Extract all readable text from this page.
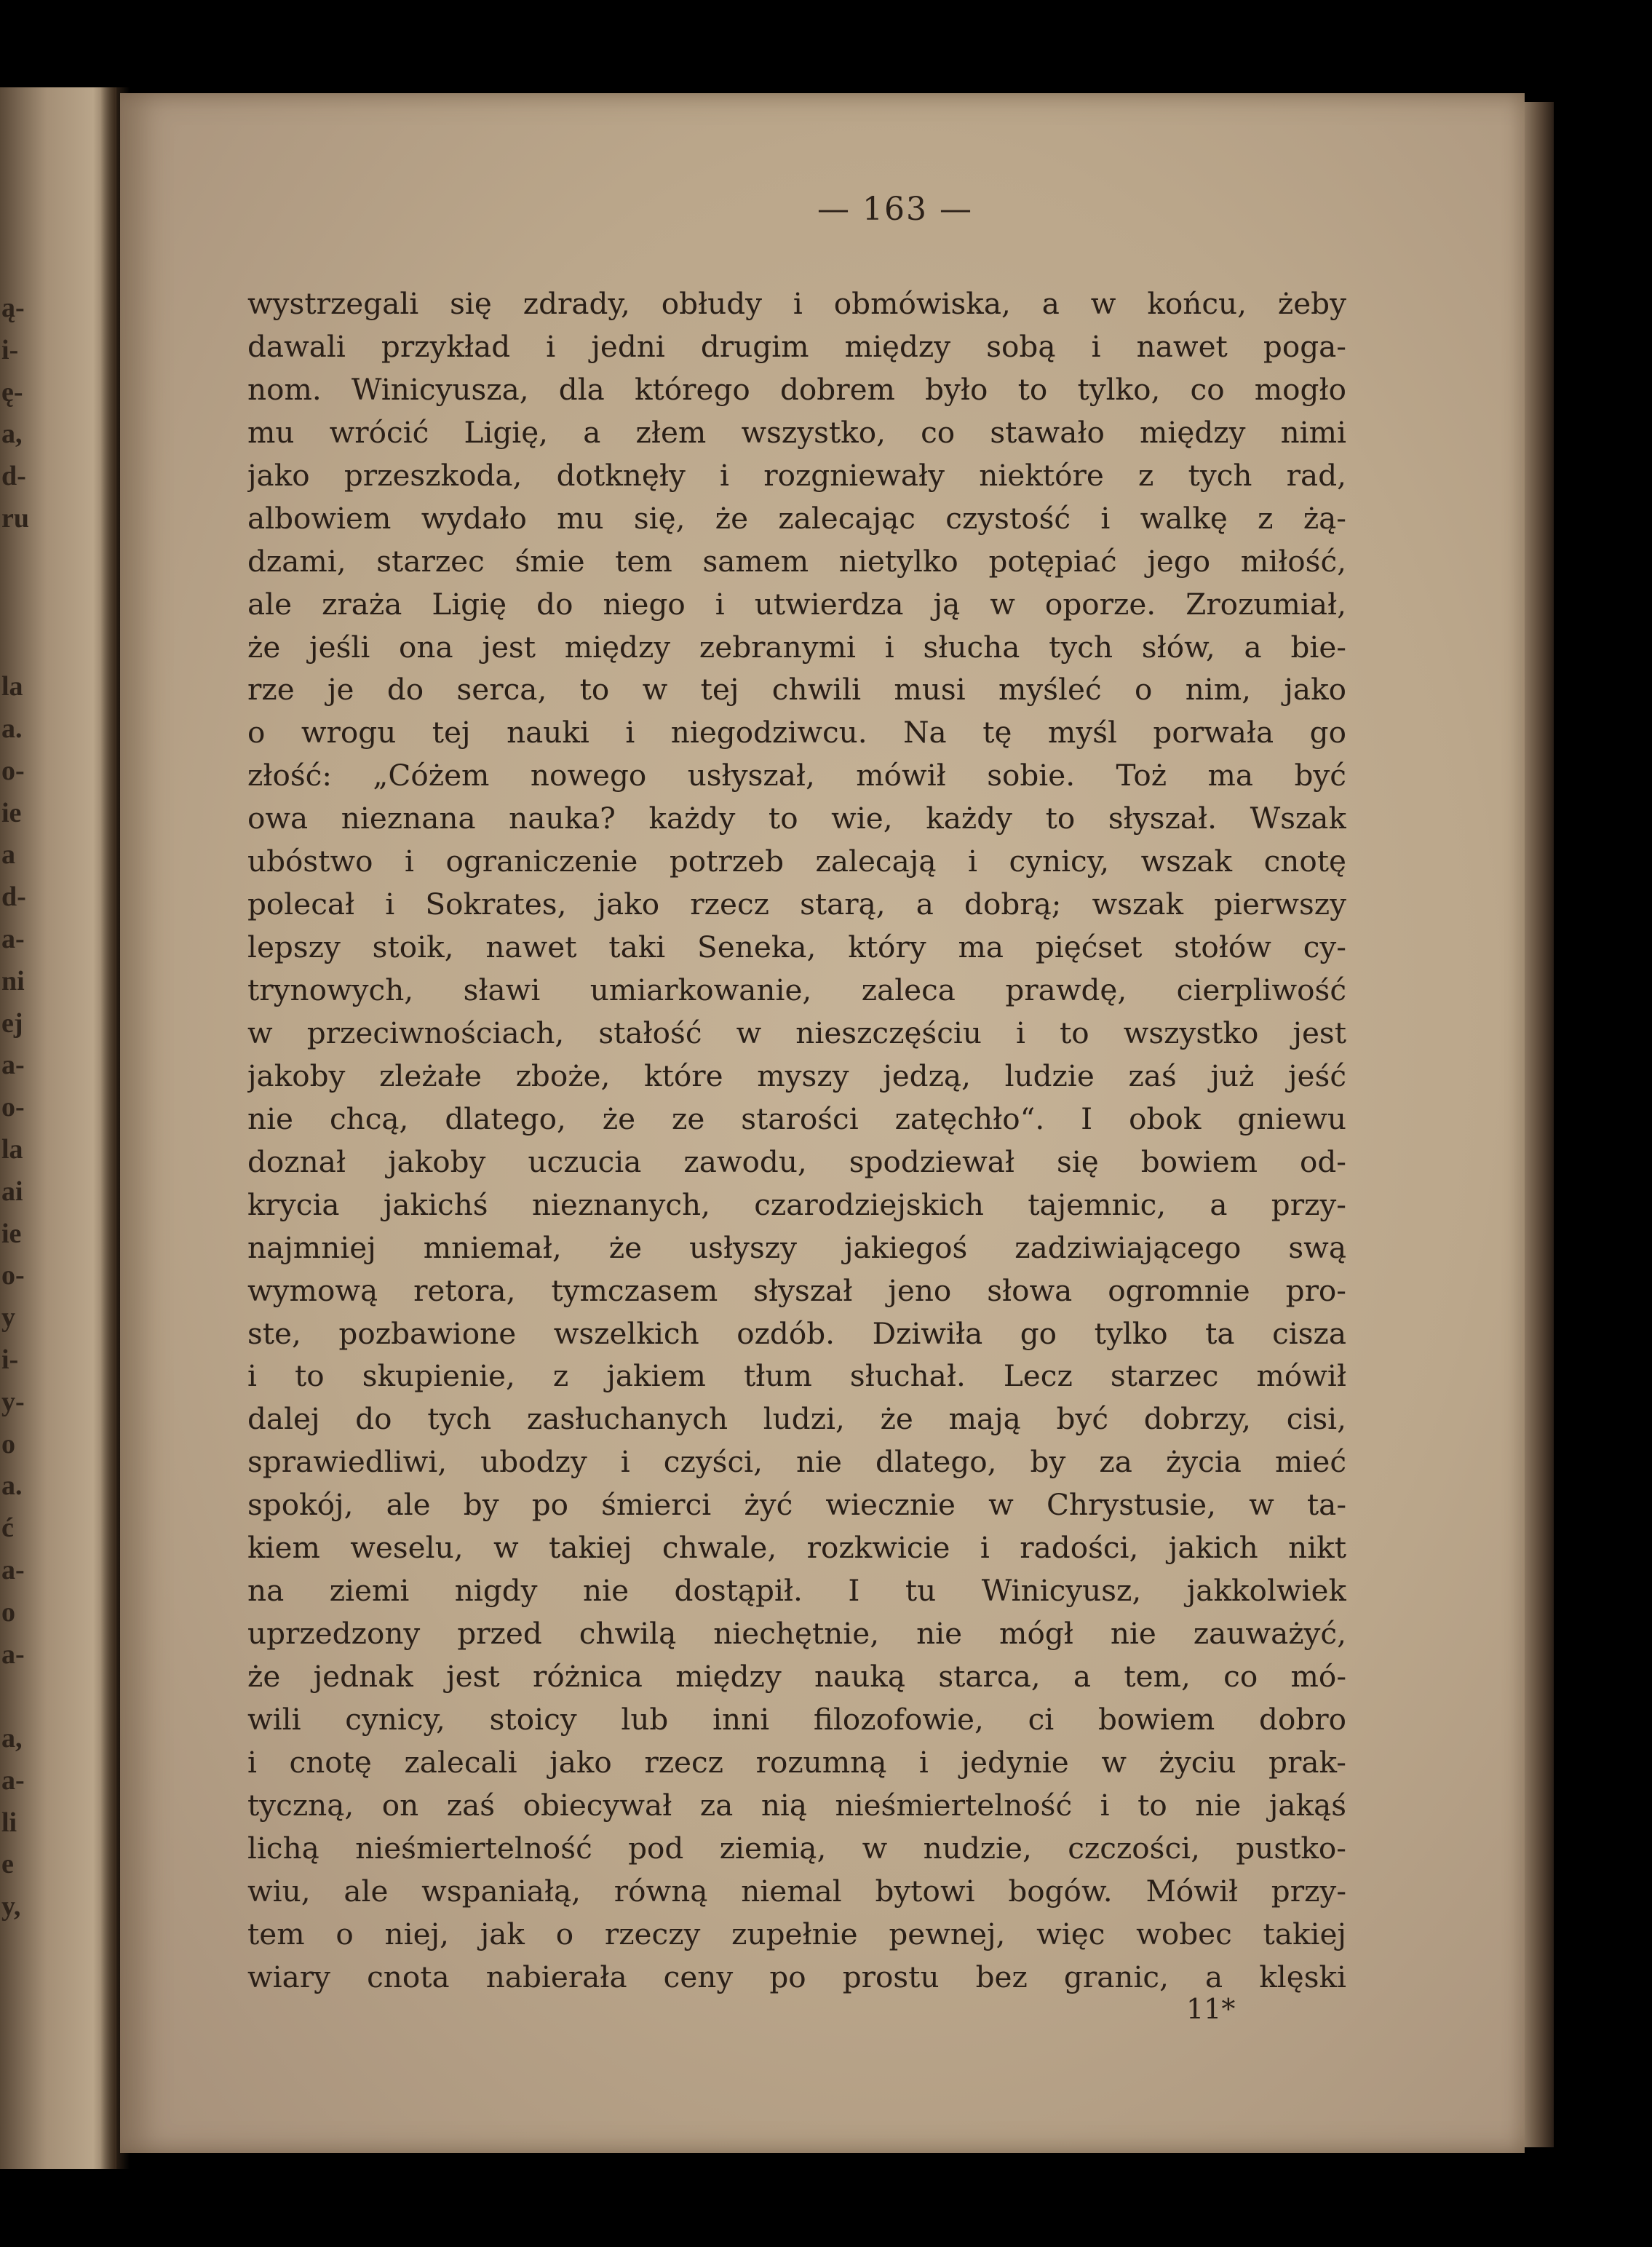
ą-
i-
ę-
a,
d-
ru
la
a.
o-
ie
a
d-
a-
ni
ej
a-
o-
la
ai
ie
o-
y
i-
y-
o
a.
ć
a-
o
a-
a,
a-
li
e
y,
— 163 —
wystrzegali się zdrady, obłudy i obmówiska, a w końcu, żeby
dawali przykład i jedni drugim między sobą i nawet poga-
nom. Winicyusza, dla którego dobrem było to tylko, co mogło
mu wrócić Ligię, a złem wszystko, co stawało między nimi
jako przeszkoda, dotknęły i rozgniewały niektóre z tych rad,
albowiem wydało mu się, że zalecając czystość i walkę z żą-
dzami, starzec śmie tem samem nietylko potępiać jego miłość,
ale zraża Ligię do niego i utwierdza ją w oporze. Zrozumiał,
że jeśli ona jest między zebranymi i słucha tych słów, a bie-
rze je do serca, to w tej chwili musi myśleć o nim, jako
o wrogu tej nauki i niegodziwcu. Na tę myśl porwała go
złość: „Cóżem nowego usłyszał, mówił sobie. Toż ma być
owa nieznana nauka? każdy to wie, każdy to słyszał. Wszak
ubóstwo i ograniczenie potrzeb zalecają i cynicy, wszak cnotę
polecał i Sokrates, jako rzecz starą, a dobrą; wszak pierwszy
lepszy stoik, nawet taki Seneka, który ma pięćset stołów cy-
trynowych, sławi umiarkowanie, zaleca prawdę, cierpliwość
w przeciwnościach, stałość w nieszczęściu i to wszystko jest
jakoby zleżałe zboże, które myszy jedzą, ludzie zaś już jeść
nie chcą, dlatego, że ze starości zatęchło“. I obok gniewu
doznał jakoby uczucia zawodu, spodziewał się bowiem od-
krycia jakichś nieznanych, czarodziejskich tajemnic, a przy-
najmniej mniemał, że usłyszy jakiegoś zadziwiającego swą
wymową retora, tymczasem słyszał jeno słowa ogromnie pro-
ste, pozbawione wszelkich ozdób. Dziwiła go tylko ta cisza
i to skupienie, z jakiem tłum słuchał. Lecz starzec mówił
dalej do tych zasłuchanych ludzi, że mają być dobrzy, cisi,
sprawiedliwi, ubodzy i czyści, nie dlatego, by za życia mieć
spokój, ale by po śmierci żyć wiecznie w Chrystusie, w ta-
kiem weselu, w takiej chwale, rozkwicie i radości, jakich nikt
na ziemi nigdy nie dostąpił. I tu Winicyusz, jakkolwiek
uprzedzony przed chwilą niechętnie, nie mógł nie zauważyć,
że jednak jest różnica między nauką starca, a tem, co mó-
wili cynicy, stoicy lub inni filozofowie, ci bowiem dobro
i cnotę zalecali jako rzecz rozumną i jedynie w życiu prak-
tyczną, on zaś obiecywał za nią nieśmiertelność i to nie jakąś
lichą nieśmiertelność pod ziemią, w nudzie, czczości, pustko-
wiu, ale wspaniałą, równą niemal bytowi bogów. Mówił przy-
tem o niej, jak o rzeczy zupełnie pewnej, więc wobec takiej
wiary cnota nabierała ceny po prostu bez granic, a klęski
11*
